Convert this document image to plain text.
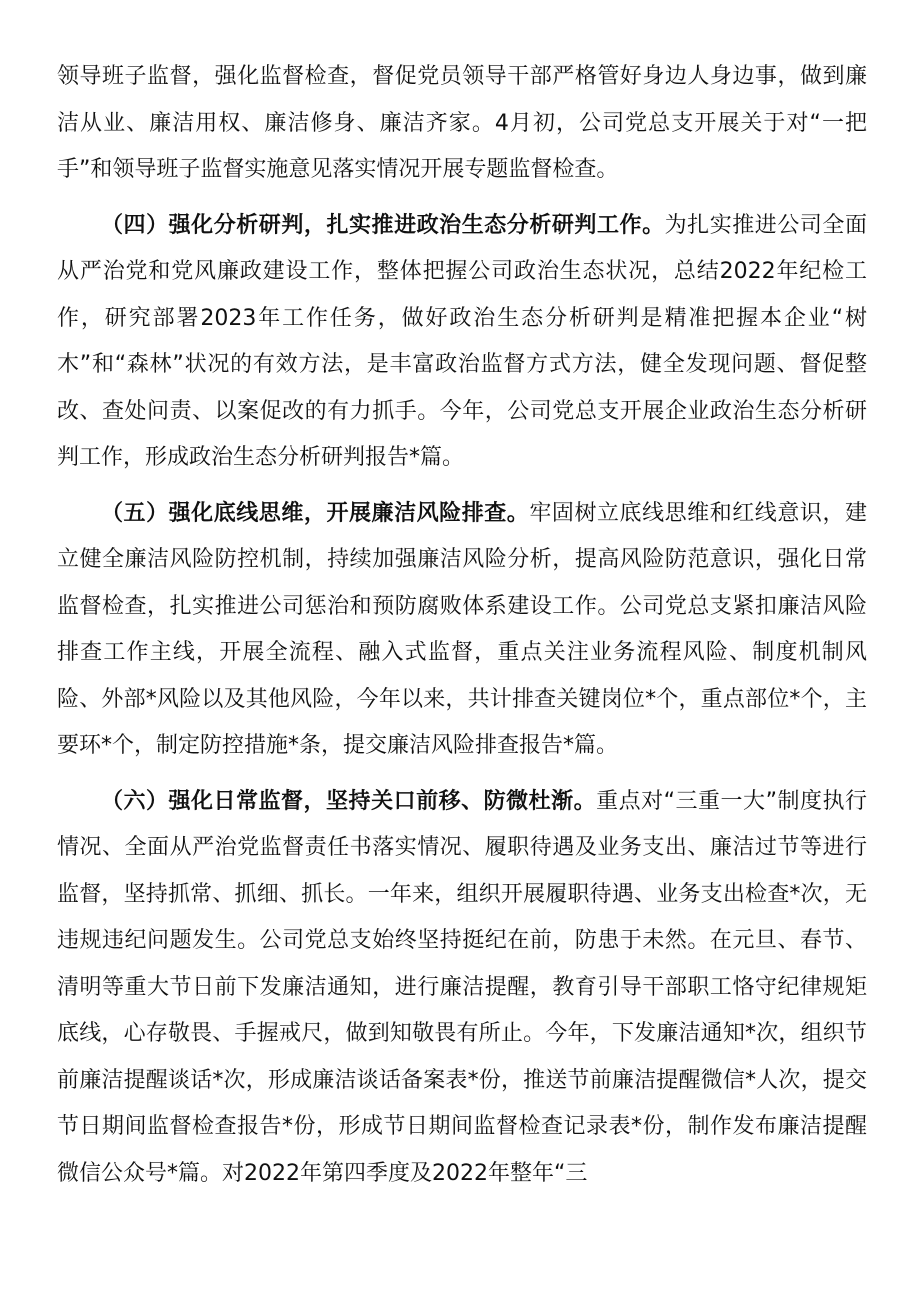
领导班子监督，强化监督检查，督促党员领导干部严格管好身边人身边事，做到廉洁从业、廉洁用权、廉洁修身、廉洁齐家。4月初，公司党总支开展关于对“一把手”和领导班子监督实施意见落实情况开展专题监督检查。

（四）强化分析研判，扎实推进政治生态分析研判工作。为扎实推进公司全面从严治党和党风廉政建设工作，整体把握公司政治生态状况，总结2022年纪检工作，研究部署2023年工作任务，做好政治生态分析研判是精准把握本企业“树木”和“森林”状况的有效方法，是丰富政治监督方式方法，健全发现问题、督促整改、查处问责、以案促改的有力抓手。今年，公司党总支开展企业政治生态分析研判工作，形成政治生态分析研判报告*篇。

（五）强化底线思维，开展廉洁风险排查。牢固树立底线思维和红线意识，建立健全廉洁风险防控机制，持续加强廉洁风险分析，提高风险防范意识，强化日常监督检查，扎实推进公司惩治和预防腐败体系建设工作。公司党总支紧扣廉洁风险排查工作主线，开展全流程、融入式监督，重点关注业务流程风险、制度机制风险、外部*风险以及其他风险，今年以来，共计排查关键岗位*个，重点部位*个，主要环*个，制定防控措施*条，提交廉洁风险排查报告*篇。

（六）强化日常监督，坚持关口前移、防微杜渐。重点对“三重一大”制度执行情况、全面从严治党监督责任书落实情况、履职待遇及业务支出、廉洁过节等进行监督，坚持抓常、抓细、抓长。一年来，组织开展履职待遇、业务支出检查*次，无违规违纪问题发生。公司党总支始终坚持挺纪在前，防患于未然。在元旦、春节、清明等重大节日前下发廉洁通知，进行廉洁提醒，教育引导干部职工恪守纪律规矩底线，心存敬畏、手握戒尺，做到知敬畏有所止。今年，下发廉洁通知*次，组织节前廉洁提醒谈话*次，形成廉洁谈话备案表*份，推送节前廉洁提醒微信*人次，提交节日期间监督检查报告*份，形成节日期间监督检查记录表*份，制作发布廉洁提醒微信公众号*篇。对2022年第四季度及2022年整年“三
